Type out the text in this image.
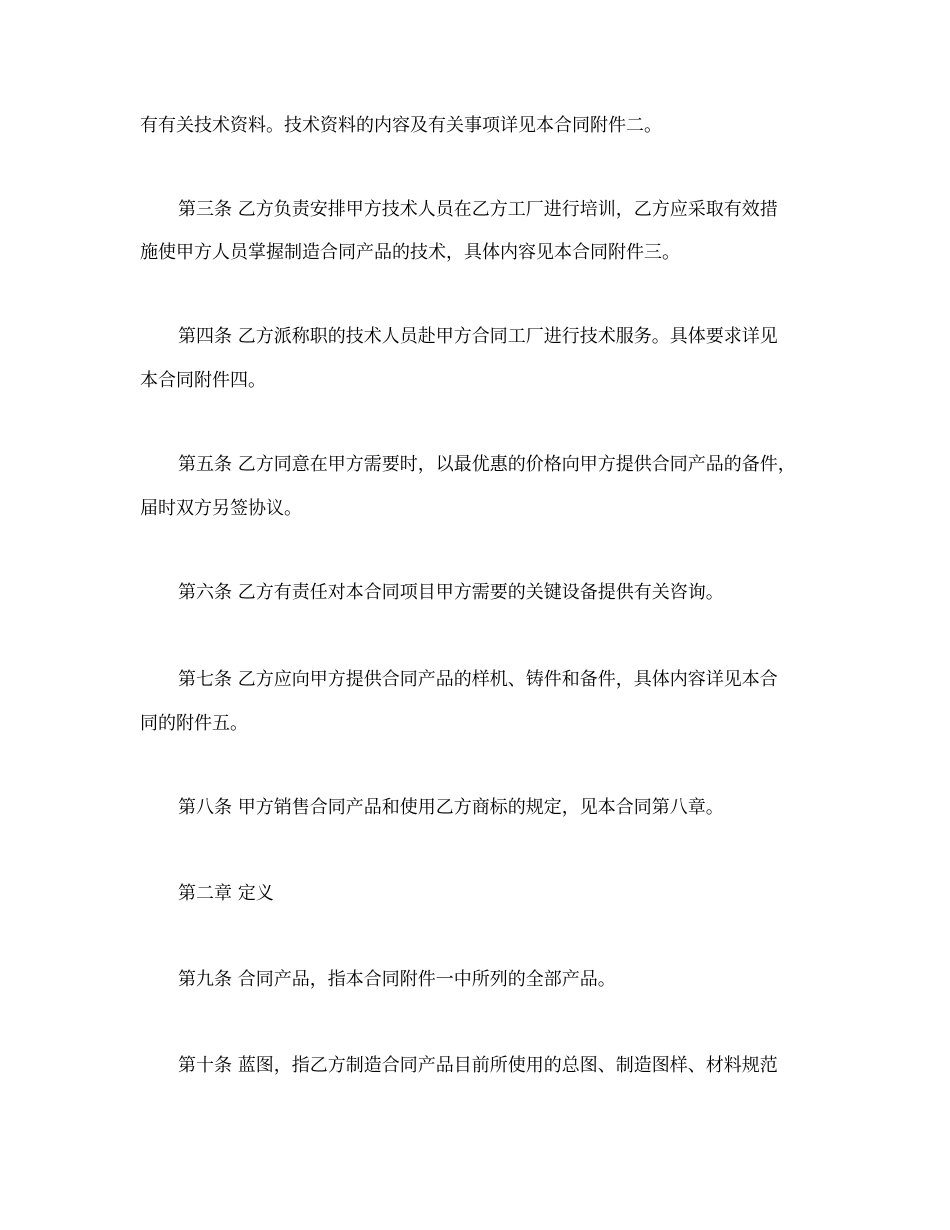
有有关技术资料。技术资料的内容及有关事项详见本合同附件二。
第三条 乙方负责安排甲方技术人员在乙方工厂进行培训，乙方应采取有效措
施使甲方人员掌握制造合同产品的技术，具体内容见本合同附件三。
第四条 乙方派称职的技术人员赴甲方合同工厂进行技术服务。具体要求详见
本合同附件四。
第五条 乙方同意在甲方需要时，以最优惠的价格向甲方提供合同产品的备件，
届时双方另签协议。
第六条 乙方有责任对本合同项目甲方需要的关键设备提供有关咨询。
第七条 乙方应向甲方提供合同产品的样机、铸件和备件，具体内容详见本合
同的附件五。
第八条 甲方销售合同产品和使用乙方商标的规定，见本合同第八章。
第二章 定义
第九条 合同产品，指本合同附件一中所列的全部产品。
第十条 蓝图，指乙方制造合同产品目前所使用的总图、制造图样、材料规范
